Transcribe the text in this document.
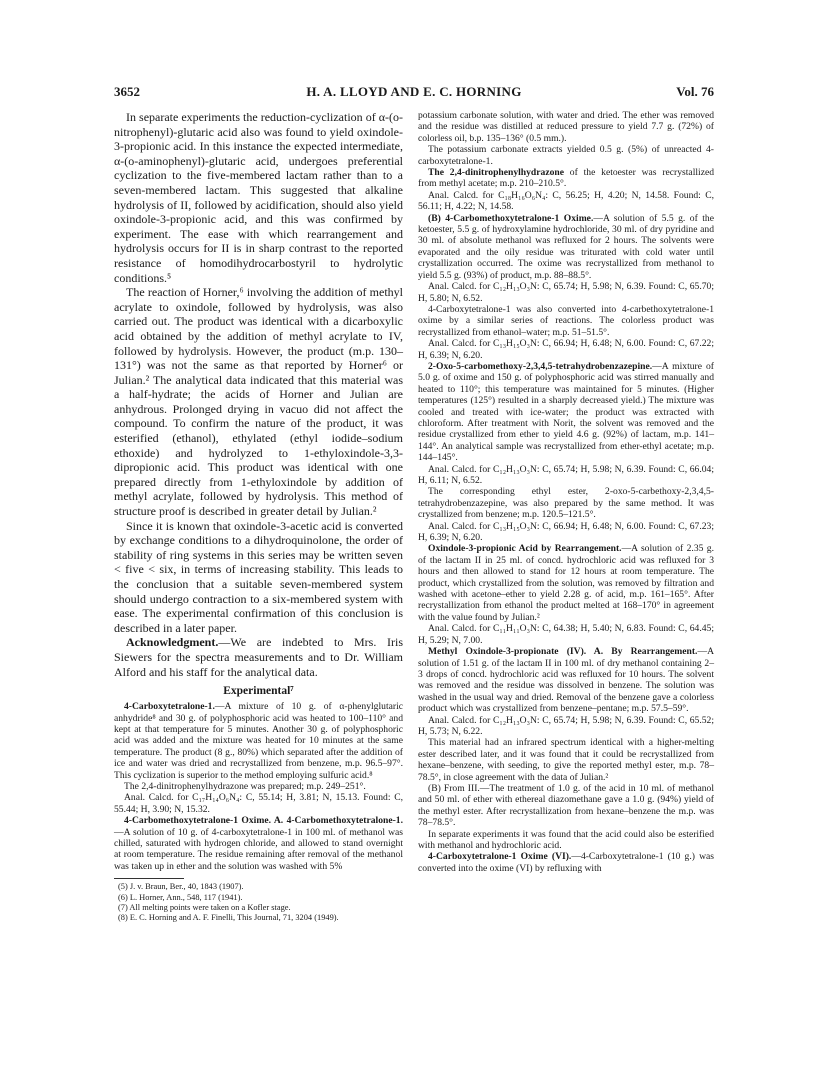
3652	H. A. LLOYD AND E. C. HORNING	Vol. 76

In separate experiments the reduction-cyclization of α-(o-nitrophenyl)-glutaric acid also was found to yield oxindole-3-propionic acid. In this instance the expected intermediate, α-(o-aminophenyl)-glutaric acid, undergoes preferential cyclization to the five-membered lactam rather than to a seven-membered lactam. This suggested that alkaline hydrolysis of II, followed by acidification, should also yield oxindole-3-propionic acid, and this was confirmed by experiment. The ease with which rearrangement and hydrolysis occurs for II is in sharp contrast to the reported resistance of homodihydrocarbostyril to hydrolytic conditions.⁵

The reaction of Horner,⁶ involving the addition of methyl acrylate to oxindole, followed by hydrolysis, was also carried out. The product was identical with a dicarboxylic acid obtained by the addition of methyl acrylate to IV, followed by hydrolysis. However, the product (m.p. 130–131°) was not the same as that reported by Horner⁶ or Julian.² The analytical data indicated that this material was a half-hydrate; the acids of Horner and Julian are anhydrous. Prolonged drying in vacuo did not affect the compound. To confirm the nature of the product, it was esterified (ethanol), ethylated (ethyl iodide–sodium ethoxide) and hydrolyzed to 1-ethyloxindole-3,3-dipropionic acid. This product was identical with one prepared directly from 1-ethyloxindole by addition of methyl acrylate, followed by hydrolysis. This method of structure proof is described in greater detail by Julian.²

Since it is known that oxindole-3-acetic acid is converted by exchange conditions to a dihydroquinolone, the order of stability of ring systems in this series may be written seven < five < six, in terms of increasing stability. This leads to the conclusion that a suitable seven-membered system should undergo contraction to a six-membered system with ease. The experimental confirmation of this conclusion is described in a later paper.

Acknowledgment.—We are indebted to Mrs. Iris Siewers for the spectra measurements and to Dr. William Alford and his staff for the analytical data.

Experimental⁷

4-Carboxytetralone-1.—A mixture of 10 g. of α-phenylglutaric anhydride⁸ and 30 g. of polyphosphoric acid was heated to 100–110° and kept at that temperature for 5 minutes. Another 30 g. of polyphosphoric acid was added and the mixture was heated for 10 minutes at the same temperature. The product (8 g., 80%) which separated after the addition of ice and water was dried and recrystallized from benzene, m.p. 96.5–97°. This cyclization is superior to the method employing sulfuric acid.⁸

The 2,4-dinitrophenylhydrazone was prepared; m.p. 249–251°.

Anal. Calcd. for C₁₇H₁₄O₆N₄: C, 55.14; H, 3.81; N, 15.13. Found: C, 55.44; H, 3.90; N, 15.32.

4-Carbomethoxytetralone-1 Oxime. A. 4-Carbomethoxytetralone-1.—A solution of 10 g. of 4-carboxytetralone-1 in 100 ml. of methanol was chilled, saturated with hydrogen chloride, and allowed to stand overnight at room temperature. The residue remaining after removal of the methanol was taken up in ether and the solution was washed with 5%

(5) J. v. Braun, Ber., 40, 1843 (1907).

(6) L. Horner, Ann., 548, 117 (1941).

(7) All melting points were taken on a Kofler stage.

(8) E. C. Horning and A. F. Finelli, This Journal, 71, 3204 (1949).

potassium carbonate solution, with water and dried. The ether was removed and the residue was distilled at reduced pressure to yield 7.7 g. (72%) of colorless oil, b.p. 135–136° (0.5 mm.).

The potassium carbonate extracts yielded 0.5 g. (5%) of unreacted 4-carboxytetralone-1.

The 2,4-dinitrophenylhydrazone of the ketoester was recrystallized from methyl acetate; m.p. 210–210.5°.

Anal. Calcd. for C₁₈H₁₆O₆N₄: C, 56.25; H, 4.20; N, 14.58. Found: C, 56.11; H, 4.22; N, 14.58.

(B) 4-Carbomethoxytetralone-1 Oxime.—A solution of 5.5 g. of the ketoester, 5.5 g. of hydroxylamine hydrochloride, 30 ml. of dry pyridine and 30 ml. of absolute methanol was refluxed for 2 hours. The solvents were evaporated and the oily residue was triturated with cold water until crystallization occurred. The oxime was recrystallized from methanol to yield 5.5 g. (93%) of product, m.p. 88–88.5°.

Anal. Calcd. for C₁₂H₁₃O₃N: C, 65.74; H, 5.98; N, 6.39. Found: C, 65.70; H, 5.80; N, 6.52.

4-Carboxytetralone-1 was also converted into 4-carbethoxytetralone-1 oxime by a similar series of reactions. The colorless product was recrystallized from ethanol–water; m.p. 51–51.5°.

Anal. Calcd. for C₁₃H₁₅O₃N: C, 66.94; H, 6.48; N, 6.00. Found: C, 67.22; H, 6.39; N, 6.20.

2-Oxo-5-carbomethoxy-2,3,4,5-tetrahydrobenzazepine.—A mixture of 5.0 g. of oxime and 150 g. of polyphosphoric acid was stirred manually and heated to 110°; this temperature was maintained for 5 minutes. (Higher temperatures (125°) resulted in a sharply decreased yield.) The mixture was cooled and treated with ice-water; the product was extracted with chloroform. After treatment with Norit, the solvent was removed and the residue crystallized from ether to yield 4.6 g. (92%) of lactam, m.p. 141–144°. An analytical sample was recrystallized from ether-ethyl acetate; m.p. 144–145°.

Anal. Calcd. for C₁₂H₁₃O₃N: C, 65.74; H, 5.98; N, 6.39. Found: C, 66.04; H, 6.11; N, 6.52.

The corresponding ethyl ester, 2-oxo-5-carbethoxy-2,3,4,5-tetrahydrobenzazepine, was also prepared by the same method. It was crystallized from benzene; m.p. 120.5–121.5°.

Anal. Calcd. for C₁₃H₁₅O₃N: C, 66.94; H, 6.48; N, 6.00. Found: C, 67.23; H, 6.39; N, 6.20.

Oxindole-3-propionic Acid by Rearrangement.—A solution of 2.35 g. of the lactam II in 25 ml. of concd. hydrochloric acid was refluxed for 3 hours and then allowed to stand for 12 hours at room temperature. The product, which crystallized from the solution, was removed by filtration and washed with acetone–ether to yield 2.28 g. of acid, m.p. 161–165°. After recrystallization from ethanol the product melted at 168–170° in agreement with the value found by Julian.²

Anal. Calcd. for C₁₁H₁₁O₃N: C, 64.38; H, 5.40; N, 6.83. Found: C, 64.45; H, 5.29; N, 7.00.

Methyl Oxindole-3-propionate (IV). A. By Rearrangement.—A solution of 1.51 g. of the lactam II in 100 ml. of dry methanol containing 2–3 drops of concd. hydrochloric acid was refluxed for 10 hours. The solvent was removed and the residue was dissolved in benzene. The solution was washed in the usual way and dried. Removal of the benzene gave a colorless product which was crystallized from benzene–pentane; m.p. 57.5–59°.

Anal. Calcd. for C₁₂H₁₃O₃N: C, 65.74; H, 5.98; N, 6.39. Found: C, 65.52; H, 5.73; N, 6.22.

This material had an infrared spectrum identical with a higher-melting ester described later, and it was found that it could be recrystallized from hexane–benzene, with seeding, to give the reported methyl ester, m.p. 78–78.5°, in close agreement with the data of Julian.²

(B) From III.—The treatment of 1.0 g. of the acid in 10 ml. of methanol and 50 ml. of ether with ethereal diazomethane gave a 1.0 g. (94%) yield of the methyl ester. After recrystallization from hexane–benzene the m.p. was 78–78.5°.

In separate experiments it was found that the acid could also be esterified with methanol and hydrochloric acid.

4-Carboxytetralone-1 Oxime (VI).—4-Carboxytetralone-1 (10 g.) was converted into the oxime (VI) by refluxing with
